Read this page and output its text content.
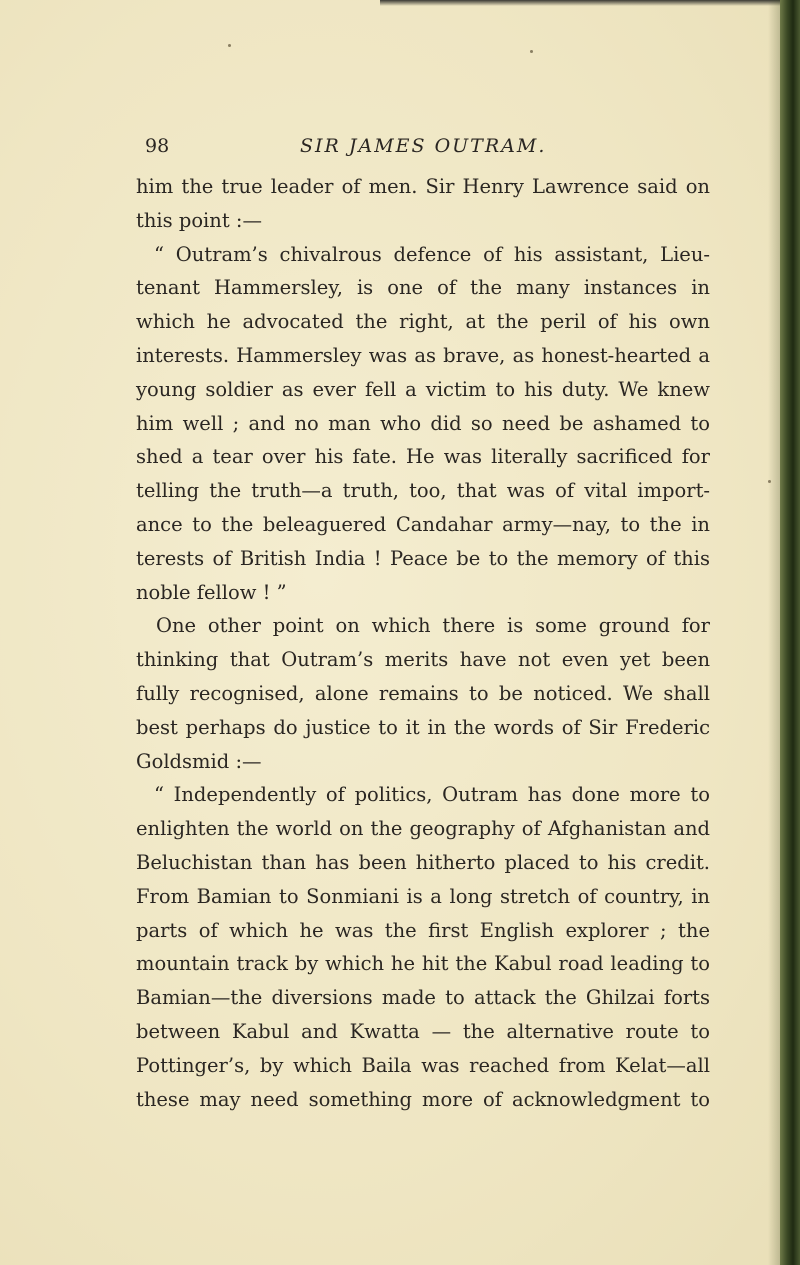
98	SIR JAMES OUTRAM.
him the true leader of men. Sir Henry Lawrence said on
this point :—
“ Outram’s chivalrous defence of his assistant, Lieu-
tenant Hammersley, is one of the many instances in
which he advocated the right, at the peril of his own
interests. Hammersley was as brave, as honest-hearted a
young soldier as ever fell a victim to his duty. We knew
him well ; and no man who did so need be ashamed to
shed a tear over his fate. He was literally sacrificed for
telling the truth—a truth, too, that was of vital import-
ance to the beleaguered Candahar army—nay, to the in
terests of British India ! Peace be to the memory of this
noble fellow ! ”
One other point on which there is some ground for
thinking that Outram’s merits have not even yet been
fully recognised, alone remains to be noticed. We shall
best perhaps do justice to it in the words of Sir Frederic
Goldsmid :—
“ Independently of politics, Outram has done more to
enlighten the world on the geography of Afghanistan and
Beluchistan than has been hitherto placed to his credit.
From Bamian to Sonmiani is a long stretch of country, in
parts of which he was the first English explorer ; the
mountain track by which he hit the Kabul road leading to
Bamian—the diversions made to attack the Ghilzai forts
between Kabul and Kwatta — the alternative route to
Pottinger’s, by which Baila was reached from Kelat—all
these may need something more of acknowledgment to
